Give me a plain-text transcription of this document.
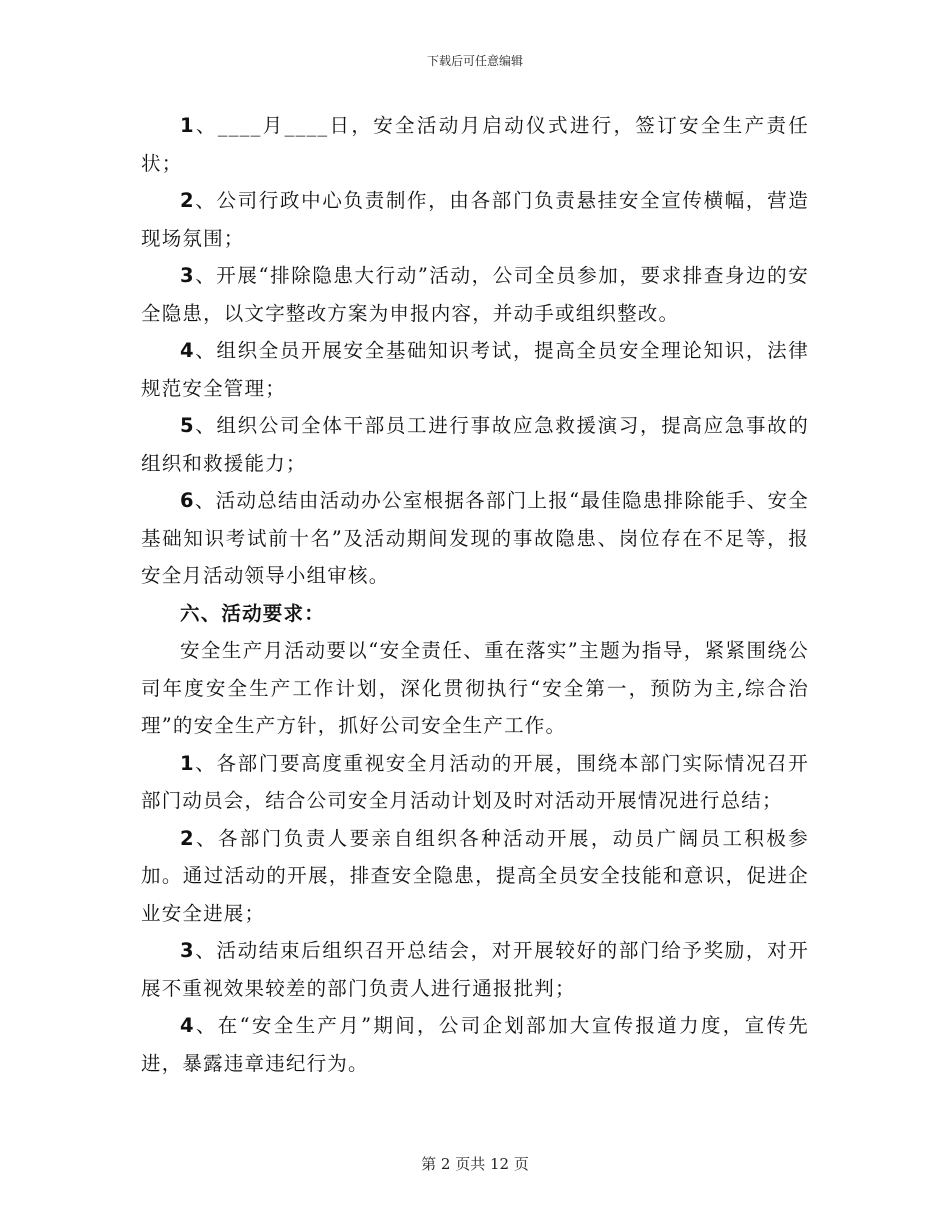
下载后可任意编辑

1、____月____日，安全活动月启动仪式进行，签订安全生产责任状；

2、公司行政中心负责制作，由各部门负责悬挂安全宣传横幅，营造现场氛围；

3、开展“排除隐患大行动”活动，公司全员参加，要求排查身边的安全隐患，以文字整改方案为申报内容，并动手或组织整改。

4、组织全员开展安全基础知识考试，提高全员安全理论知识，法律规范安全管理；

5、组织公司全体干部员工进行事故应急救援演习，提高应急事故的组织和救援能力；

6、活动总结由活动办公室根据各部门上报“最佳隐患排除能手、安全基础知识考试前十名”及活动期间发现的事故隐患、岗位存在不足等，报安全月活动领导小组审核。

六、活动要求：

安全生产月活动要以“安全责任、重在落实”主题为指导，紧紧围绕公司年度安全生产工作计划，深化贯彻执行“安全第一，预防为主,综合治理”的安全生产方针，抓好公司安全生产工作。

1、各部门要高度重视安全月活动的开展，围绕本部门实际情况召开部门动员会，结合公司安全月活动计划及时对活动开展情况进行总结；

2、各部门负责人要亲自组织各种活动开展，动员广阔员工积极参加。通过活动的开展，排查安全隐患，提高全员安全技能和意识，促进企业安全进展；

3、活动结束后组织召开总结会，对开展较好的部门给予奖励，对开展不重视效果较差的部门负责人进行通报批判；

4、在“安全生产月”期间，公司企划部加大宣传报道力度，宣传先进，暴露违章违纪行为。

第 2 页共 12 页
